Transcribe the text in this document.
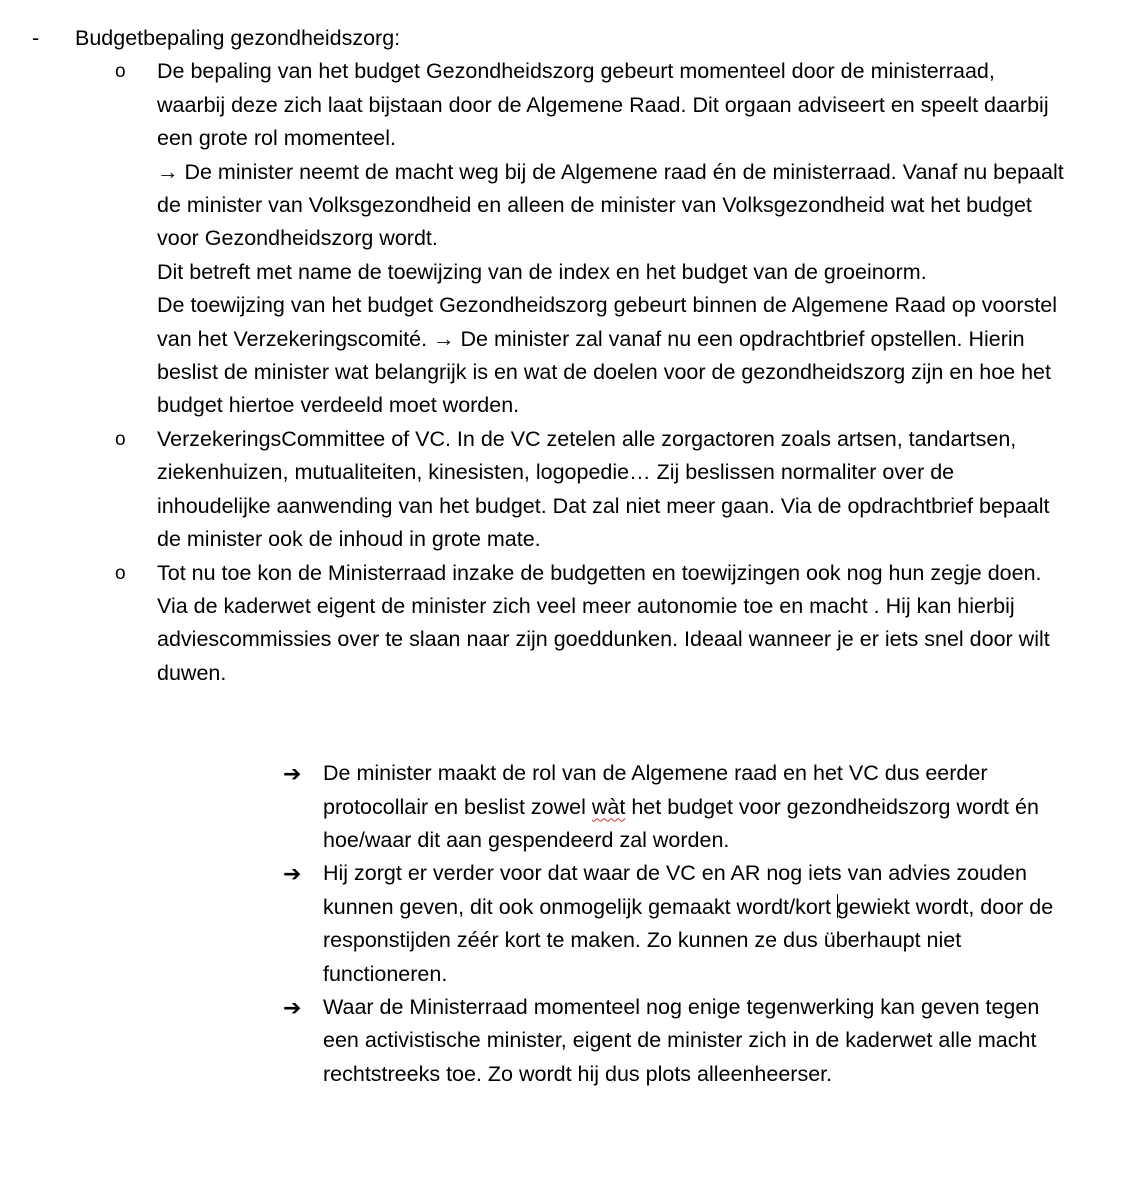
- Budgetbepaling gezondheidszorg:

o De bepaling van het budget Gezondheidszorg gebeurt momenteel door de ministerraad, waarbij deze zich laat bijstaan door de Algemene Raad. Dit orgaan adviseert en speelt daarbij een grote rol momenteel.

→ De minister neemt de macht weg bij de Algemene raad én de ministerraad. Vanaf nu bepaalt de minister van Volksgezondheid en alleen de minister van Volksgezondheid wat het budget voor Gezondheidszorg wordt.

Dit betreft met name de toewijzing van de index en het budget van de groeinorm.

De toewijzing van het budget Gezondheidszorg gebeurt binnen de Algemene Raad op voorstel van het Verzekeringscomité. → De minister zal vanaf nu een opdrachtbrief opstellen. Hierin beslist de minister wat belangrijk is en wat de doelen voor de gezondheidszorg zijn en hoe het budget hiertoe verdeeld moet worden.

o VerzekeringsCommittee of VC. In de VC zetelen alle zorgactoren zoals artsen, tandartsen, ziekenhuizen, mutualiteiten, kinesisten, logopedie… Zij beslissen normaliter over de inhoudelijke aanwending van het budget. Dat zal niet meer gaan. Via de opdrachtbrief bepaalt de minister ook de inhoud in grote mate.

o Tot nu toe kon de Ministerraad inzake de budgetten en toewijzingen ook nog hun zegje doen. Via de kaderwet eigent de minister zich veel meer autonomie toe en macht . Hij kan hierbij adviescommissies over te slaan naar zijn goeddunken. Ideaal wanneer je er iets snel door wilt duwen.

➔ De minister maakt de rol van de Algemene raad en het VC dus eerder protocollair en beslist zowel wàt het budget voor gezondheidszorg wordt én hoe/waar dit aan gespendeerd zal worden.

➔ Hij zorgt er verder voor dat waar de VC en AR nog iets van advies zouden kunnen geven, dit ook onmogelijk gemaakt wordt/kort gewiekt wordt, door de responstijden zéér kort te maken. Zo kunnen ze dus überhaupt niet functioneren.

➔ Waar de Ministerraad momenteel nog enige tegenwerking kan geven tegen een activistische minister, eigent de minister zich in de kaderwet alle macht rechtstreeks toe. Zo wordt hij dus plots alleenheerser.
